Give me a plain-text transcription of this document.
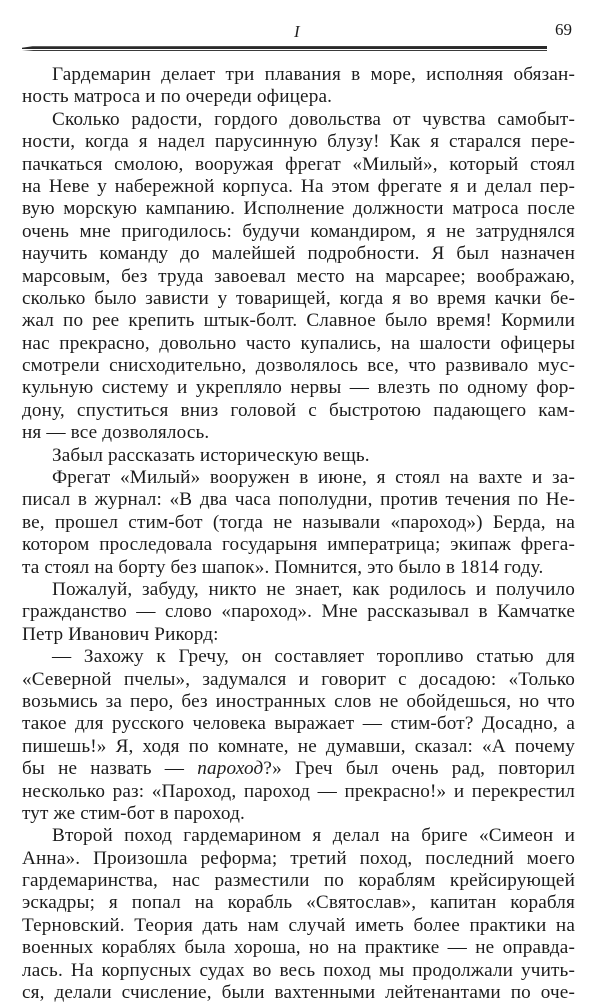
I	69
Гардемарин делает три плавания в море, исполняя обязан-
ность матроса и по очереди офицера.
Сколько радости, гордого довольства от чувства самобыт-
ности, когда я надел парусинную блузу! Как я старался пере-
пачкаться смолою, вооружая фрегат «Милый», который стоял
на Неве у набережной корпуса. На этом фрегате я и делал пер-
вую морскую кампанию. Исполнение должности матроса после
очень мне пригодилось: будучи командиром, я не затруднялся
научить команду до малейшей подробности. Я был назначен
марсовым, без труда завоевал место на марсарее; воображаю,
сколько было зависти у товарищей, когда я во время качки бе-
жал по рее крепить штык-болт. Славное было время! Кормили
нас прекрасно, довольно часто купались, на шалости офицеры
смотрели снисходительно, дозволялось все, что развивало мус-
кульную систему и укрепляло нервы — влезть по одному фор-
дону, спуститься вниз головой с быстротою падающего кам-
ня — все дозволялось.
Забыл рассказать историческую вещь.
Фрегат «Милый» вооружен в июне, я стоял на вахте и за-
писал в журнал: «В два часа пополудни, против течения по Не-
ве, прошел стим-бот (тогда не называли «пароход») Берда, на
котором проследовала государыня императрица; экипаж фрега-
та стоял на борту без шапок». Помнится, это было в 1814 году.
Пожалуй, забуду, никто не знает, как родилось и получило
гражданство — слово «пароход». Мне рассказывал в Камчатке
Петр Иванович Рикорд:
— Захожу к Гречу, он составляет торопливо статью для
«Северной пчелы», задумался и говорит с досадою: «Только
возьмись за перо, без иностранных слов не обойдешься, но что
такое для русского человека выражает — стим-бот? Досадно, а
пишешь!» Я, ходя по комнате, не думавши, сказал: «А почему
бы не назвать — пароход?» Греч был очень рад, повторил
несколько раз: «Пароход, пароход — прекрасно!» и перекрестил
тут же стим-бот в пароход.
Второй поход гардемарином я делал на бриге «Симеон и
Анна». Произошла реформа; третий поход, последний моего
гардемаринства, нас разместили по кораблям крейсирующей
эскадры; я попал на корабль «Святослав», капитан корабля
Терновский. Теория дать нам случай иметь более практики на
военных кораблях была хороша, но на практике — не оправда-
лась. На корпусных судах во весь поход мы продолжали учить-
ся, делали счисление, были вахтенными лейтенантами по оче-
